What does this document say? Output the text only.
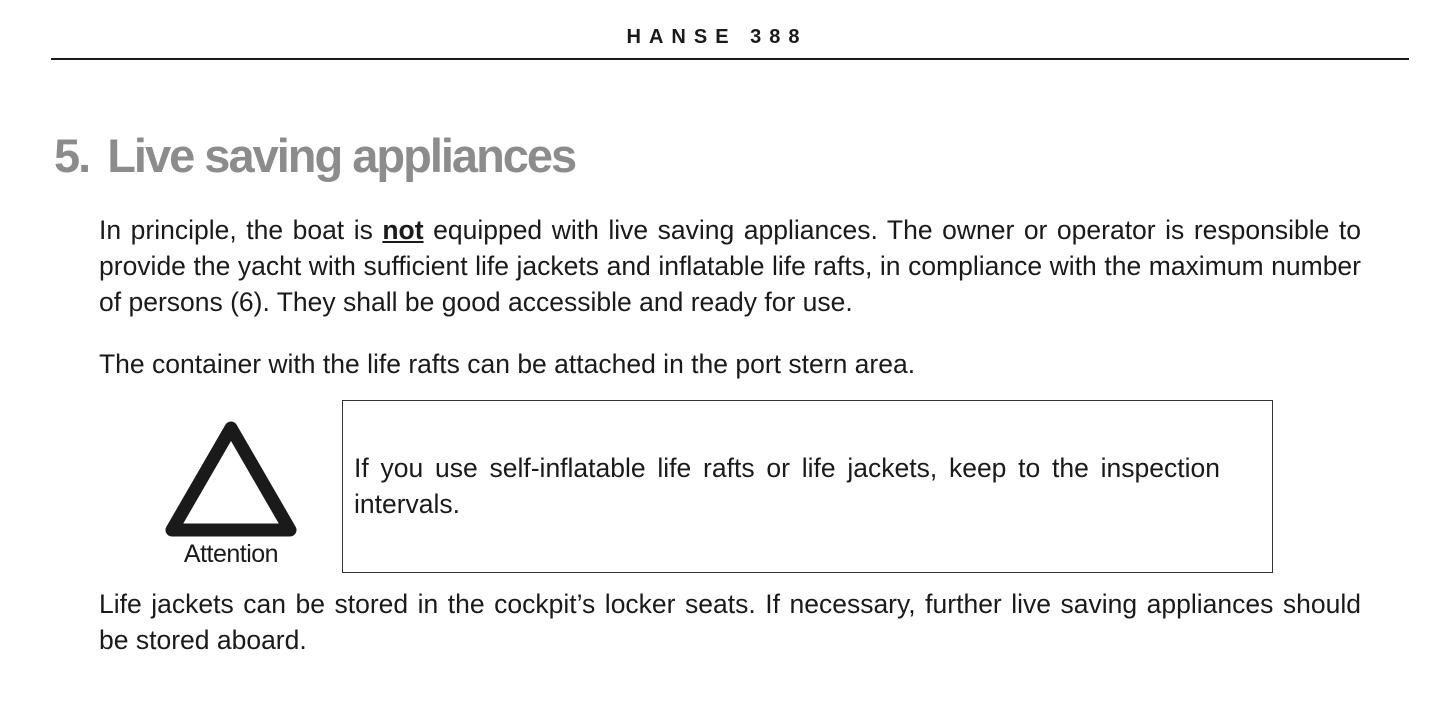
HANSE 388
5. Live saving appliances

In principle, the boat is not equipped with live saving appliances. The owner or operator is responsible to provide the yacht with sufficient life jackets and inflatable life rafts, in compliance with the maximum number of persons (6). They shall be good accessible and ready for use.

The container with the life rafts can be attached in the port stern area.

Attention

If you use self-inflatable life rafts or life jackets, keep to the inspection intervals.

Life jackets can be stored in the cockpit’s locker seats. If necessary, further live saving appliances should be stored aboard.
